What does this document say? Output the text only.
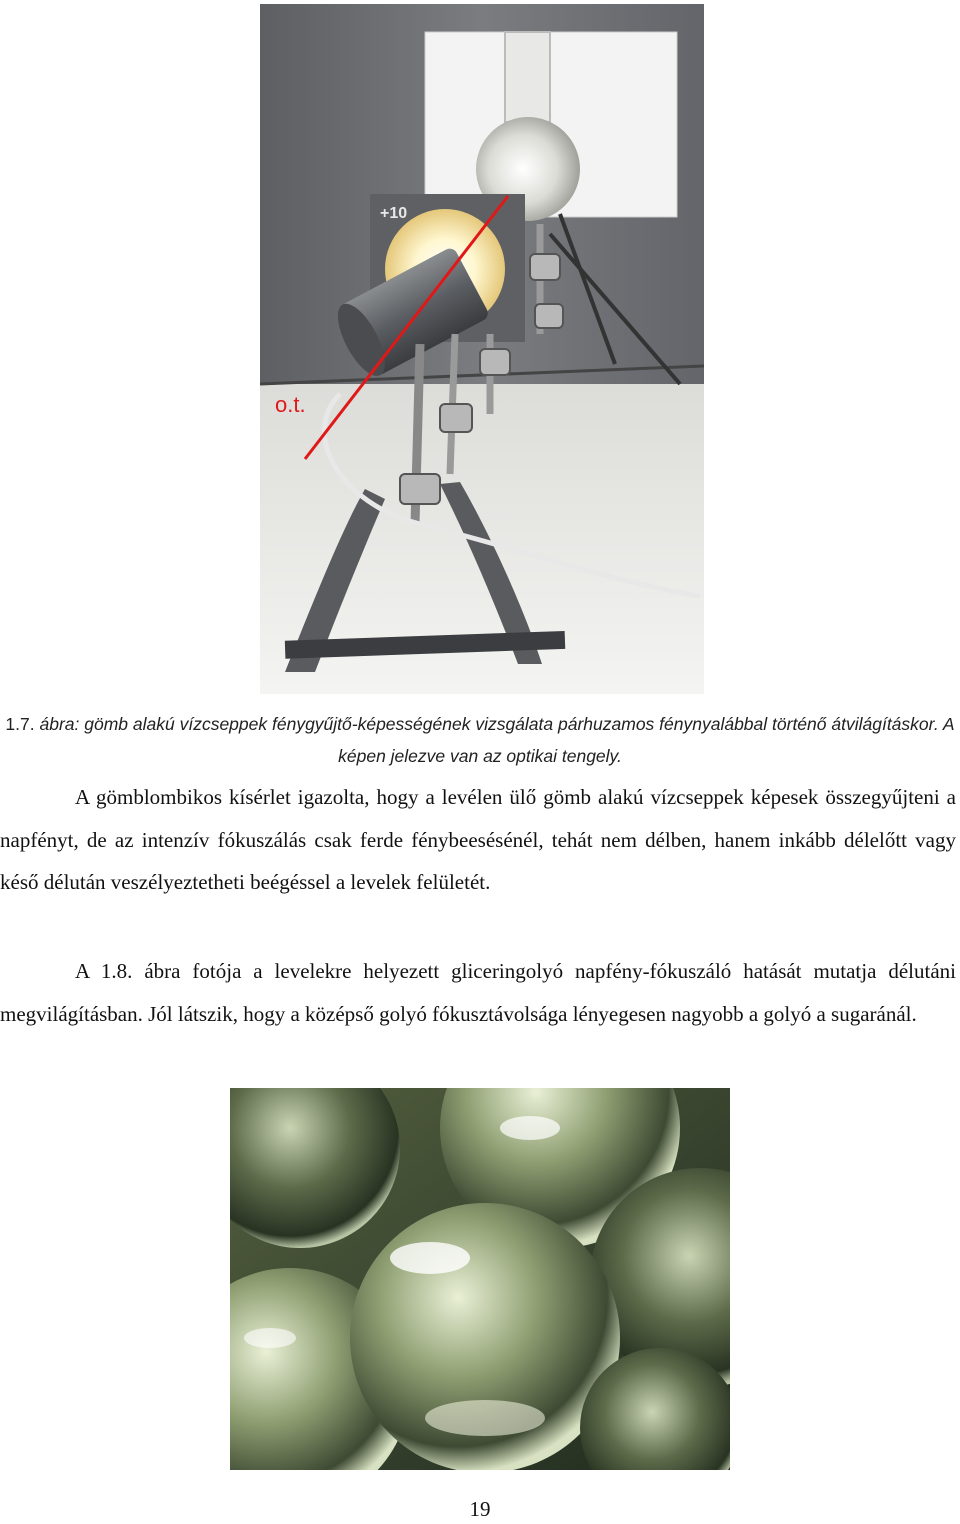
+10
o.t.
1.7. ábra: gömb alakú vízcseppek fénygyűjtő-képességének vizsgálata párhuzamos fénynyalábbal történő átvilágításkor. A képen jelezve van az optikai tengely.

A gömblombikos kísérlet igazolta, hogy a levélen ülő gömb alakú vízcseppek képesek összegyűjteni a napfényt, de az intenzív fókuszálás csak ferde fénybeesésénél, tehát nem délben, hanem inkább délelőtt vagy késő délután veszélyeztetheti beégéssel a levelek felületét.

A 1.8. ábra fotója a levelekre helyezett gliceringolyó napfény-fókuszáló hatását mutatja délutáni megvilágításban. Jól látszik, hogy a középső golyó fókusztávolsága lényegesen nagyobb a golyó a sugaránál.

19
